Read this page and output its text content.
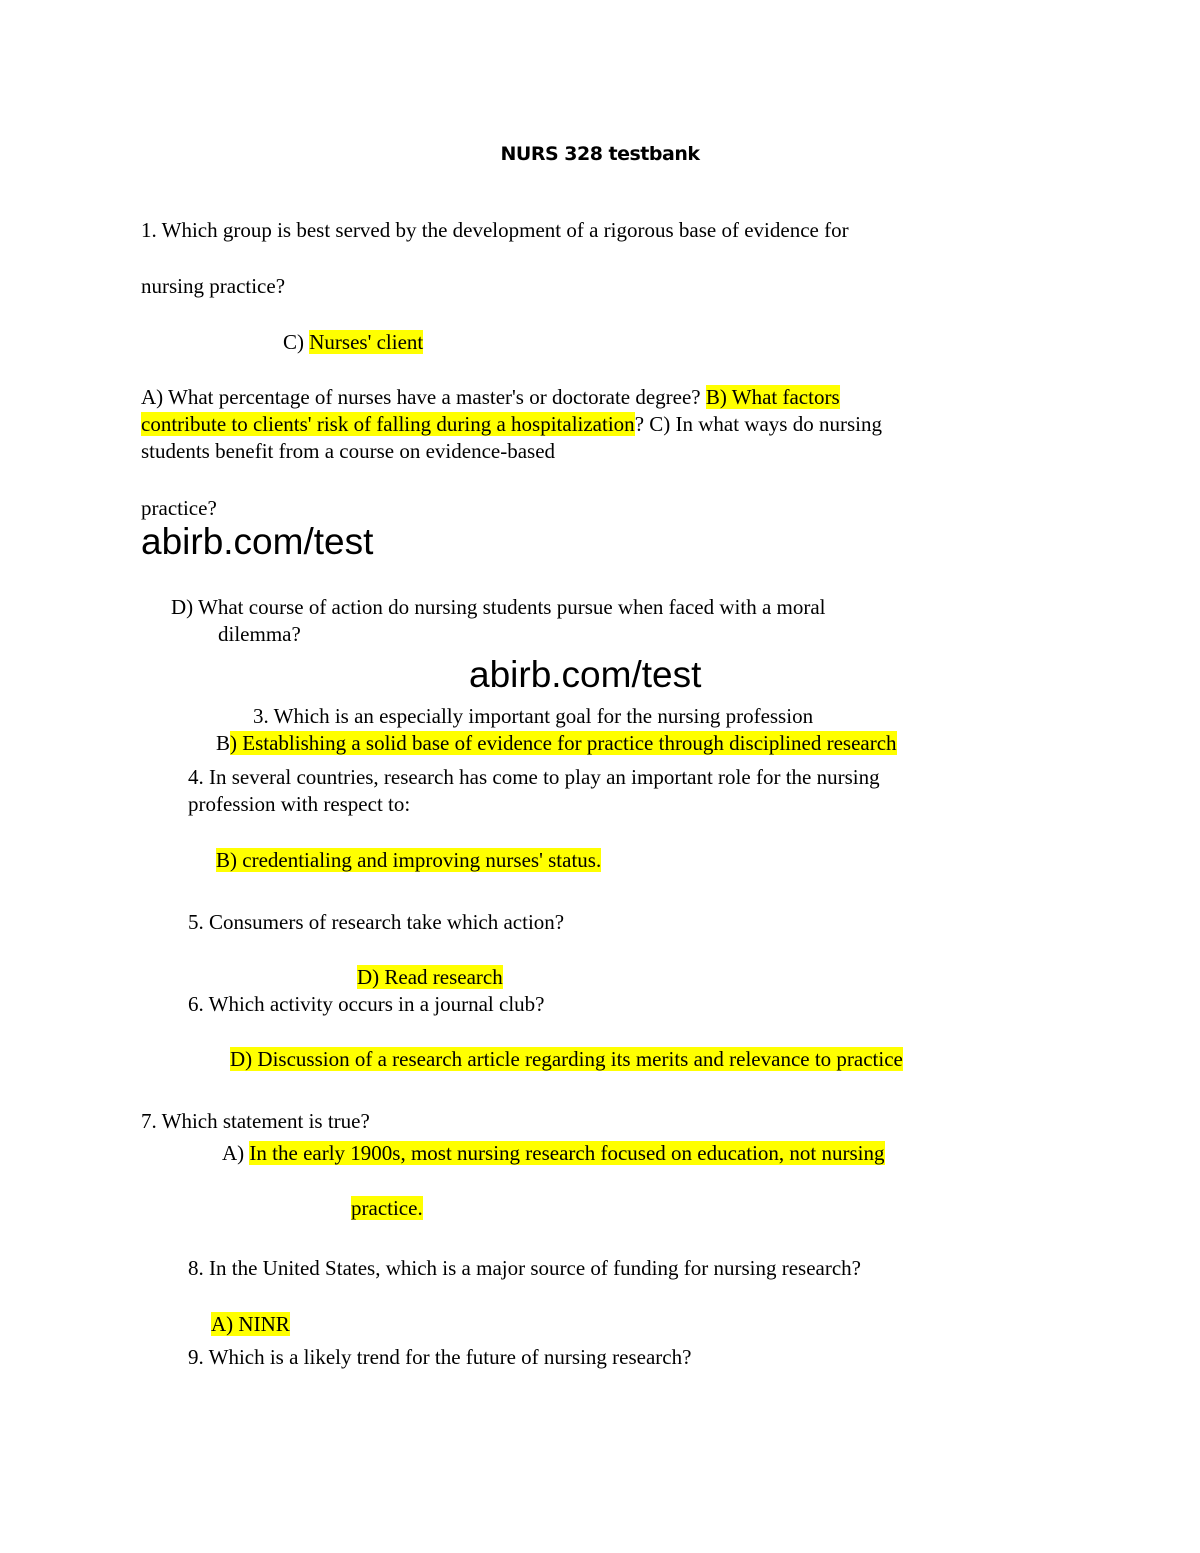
NURS 328 testbank
1. Which group is best served by the development of a rigorous base of evidence for
nursing practice?
C) Nurses' client
A) What percentage of nurses have a master's or doctorate degree? B) What factors
contribute to clients' risk of falling during a hospitalization? C) In what ways do nursing
students benefit from a course on evidence-based
practice?
abirb.com/test
D) What course of action do nursing students pursue when faced with a moral
dilemma?
abirb.com/test
3. Which is an especially important goal for the nursing profession
B) Establishing a solid base of evidence for practice through disciplined research
4. In several countries, research has come to play an important role for the nursing
profession with respect to:
B) credentialing and improving nurses' status.
5. Consumers of research take which action?
D) Read research
6. Which activity occurs in a journal club?
D) Discussion of a research article regarding its merits and relevance to practice
7. Which statement is true?
A) In the early 1900s, most nursing research focused on education, not nursing
practice.
8. In the United States, which is a major source of funding for nursing research?
A) NINR
9. Which is a likely trend for the future of nursing research?
